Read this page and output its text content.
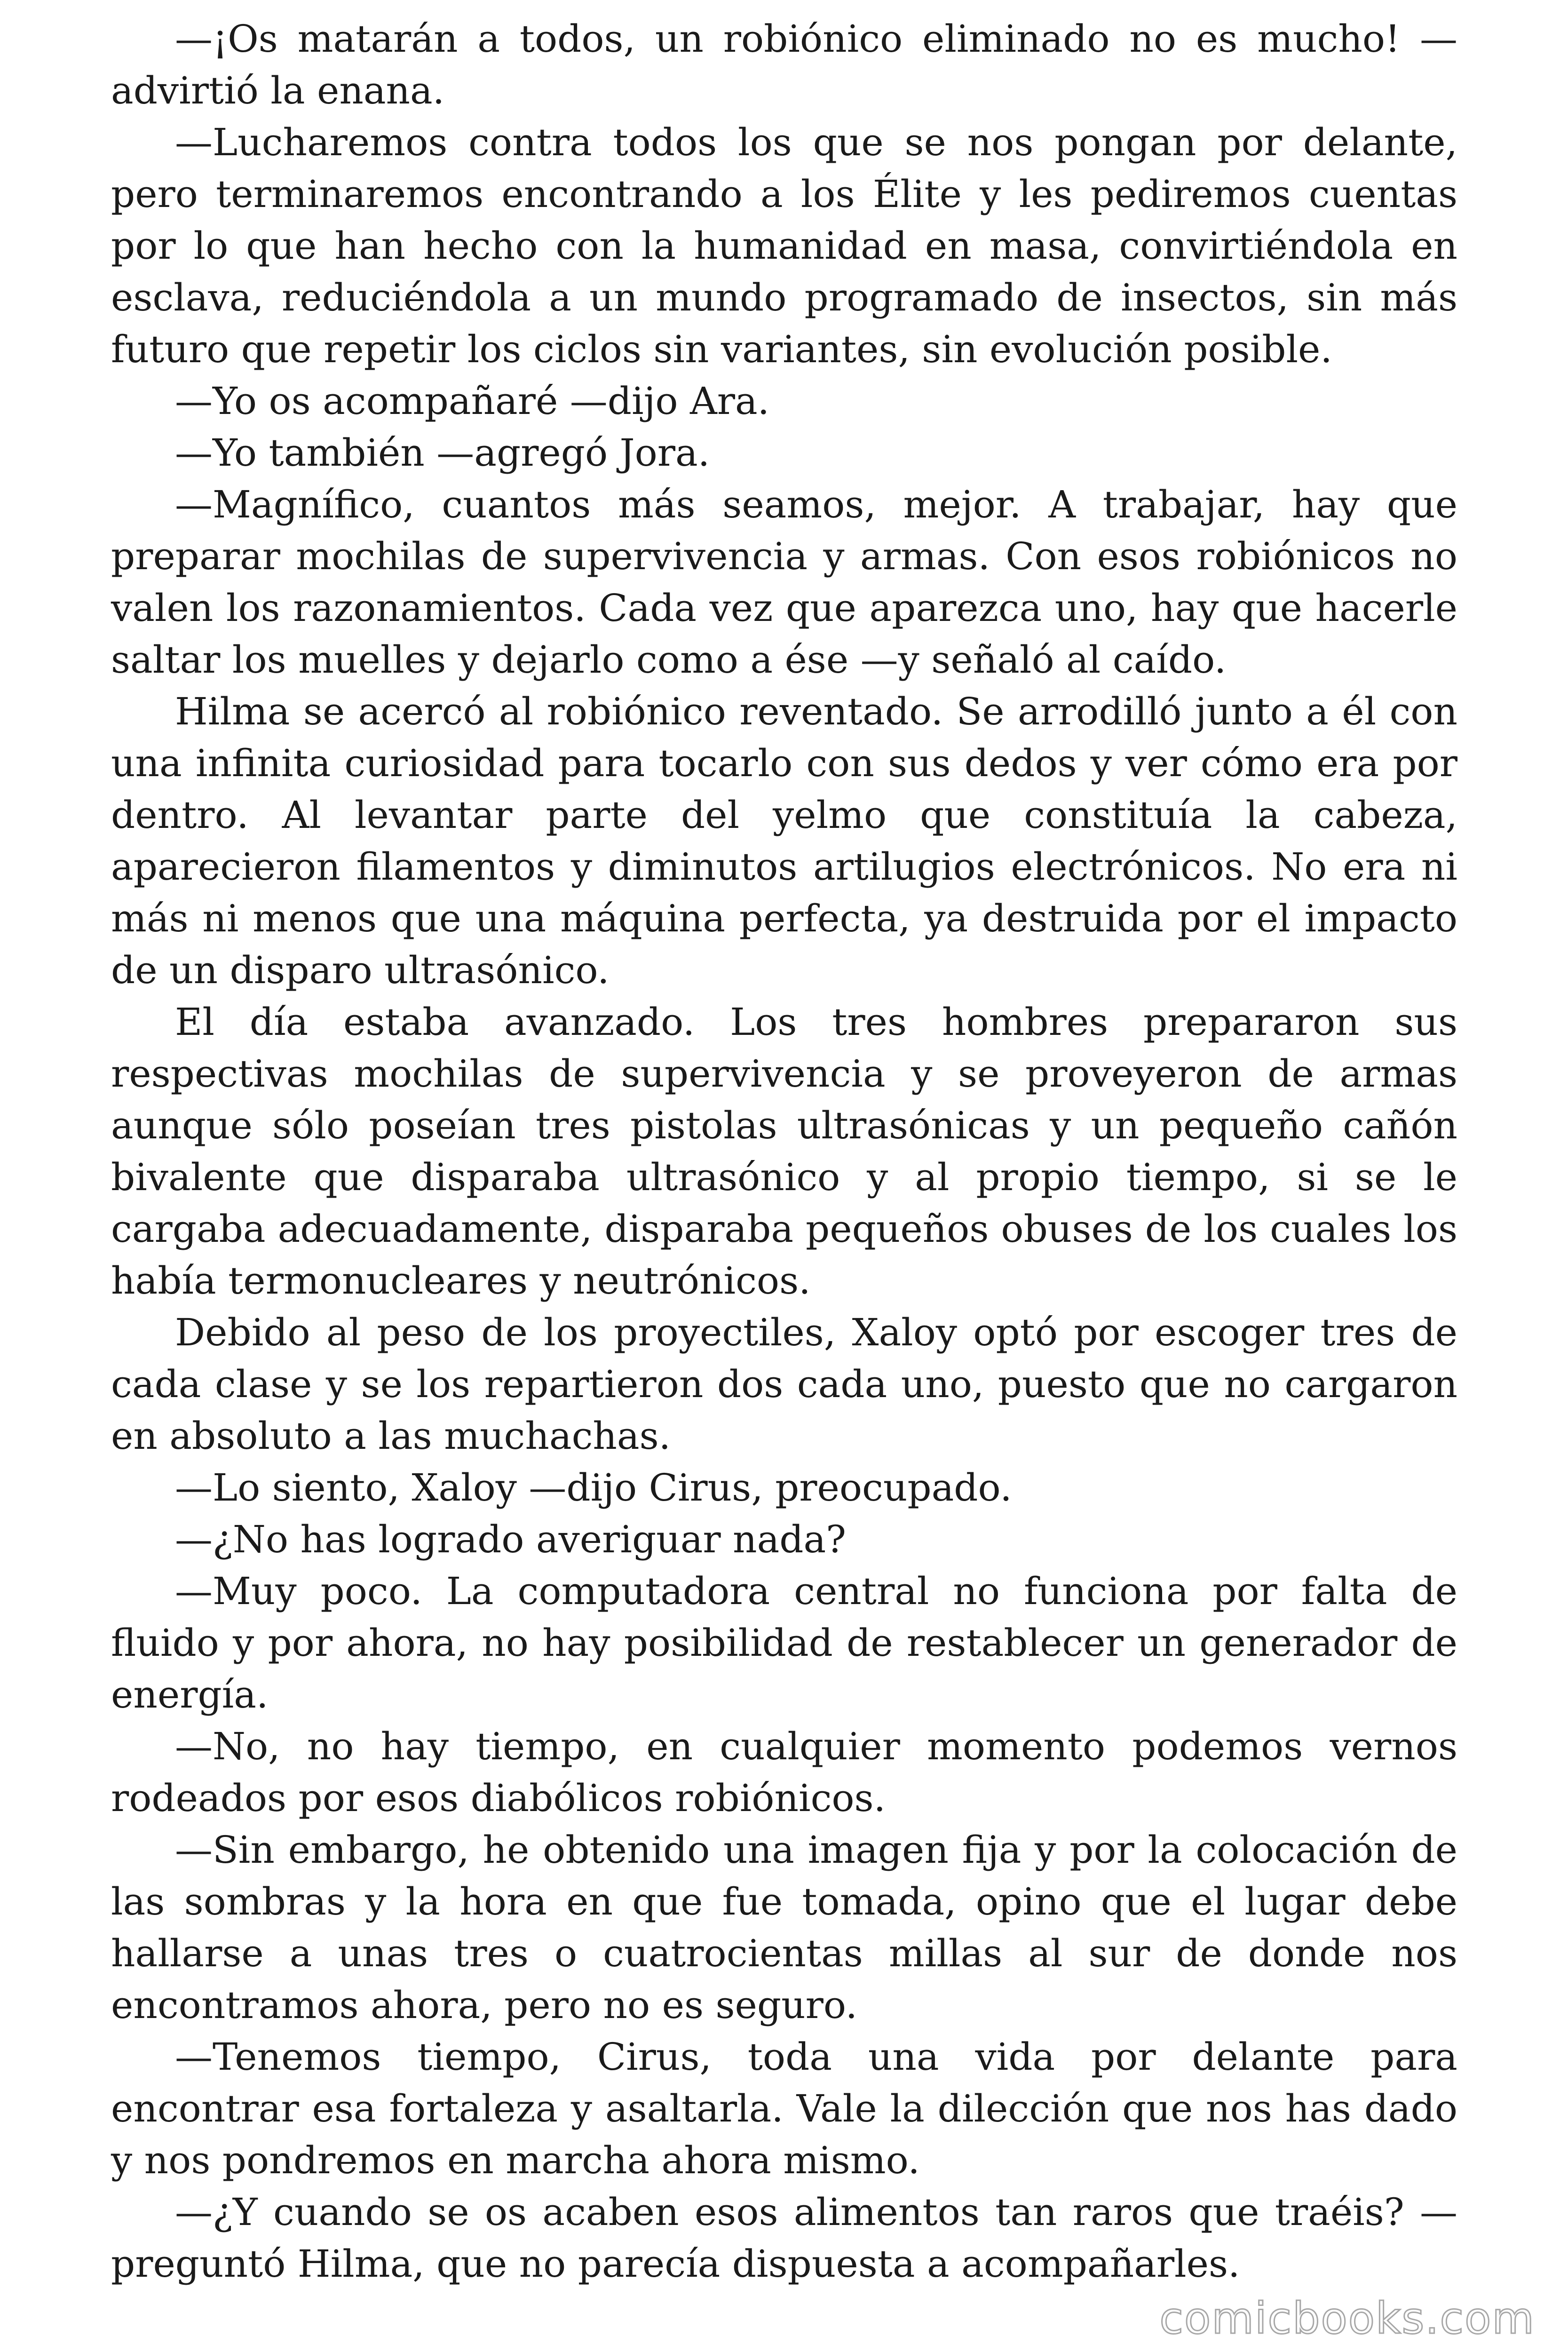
—¡Os matarán a todos, un robiónico eliminado no es mucho! —advirtió la enana.

—Lucharemos contra todos los que se nos pongan por delante, pero terminaremos encontrando a los Élite y les pediremos cuentas por lo que han hecho con la humanidad en masa, convirtiéndola en esclava, reduciéndola a un mundo programado de insectos, sin más futuro que repetir los ciclos sin variantes, sin evolución posible.

—Yo os acompañaré —dijo Ara.

—Yo también —agregó Jora.

—Magnífico, cuantos más seamos, mejor. A trabajar, hay que preparar mochilas de supervivencia y armas. Con esos robiónicos no valen los razonamientos. Cada vez que aparezca uno, hay que hacerle saltar los muelles y dejarlo como a ése —y señaló al caído.

Hilma se acercó al robiónico reventado. Se arrodilló junto a él con una infinita curiosidad para tocarlo con sus dedos y ver cómo era por dentro. Al levantar parte del yelmo que constituía la cabeza, aparecieron filamentos y diminutos artilugios electrónicos. No era ni más ni menos que una máquina perfecta, ya destruida por el impacto de un disparo ultrasónico.

El día estaba avanzado. Los tres hombres prepararon sus respectivas mochilas de supervivencia y se proveyeron de armas aunque sólo poseían tres pistolas ultrasónicas y un pequeño cañón bivalente que disparaba ultrasónico y al propio tiempo, si se le cargaba adecuadamente, disparaba pequeños obuses de los cuales los había termonucleares y neutrónicos.

Debido al peso de los proyectiles, Xaloy optó por escoger tres de cada clase y se los repartieron dos cada uno, puesto que no cargaron en absoluto a las muchachas.

—Lo siento, Xaloy —dijo Cirus, preocupado.

—¿No has logrado averiguar nada?

—Muy poco. La computadora central no funciona por falta de fluido y por ahora, no hay posibilidad de restablecer un generador de energía.

—No, no hay tiempo, en cualquier momento podemos vernos rodeados por esos diabólicos robiónicos.

—Sin embargo, he obtenido una imagen fija y por la colocación de las sombras y la hora en que fue tomada, opino que el lugar debe hallarse a unas tres o cuatrocientas millas al sur de donde nos encontramos ahora, pero no es seguro.

—Tenemos tiempo, Cirus, toda una vida por delante para encontrar esa fortaleza y asaltarla. Vale la dilección que nos has dado y nos pondremos en marcha ahora mismo.

—¿Y cuando se os acaben esos alimentos tan raros que traéis? —preguntó Hilma, que no parecía dispuesta a acompañarles.

comicbooks.com
